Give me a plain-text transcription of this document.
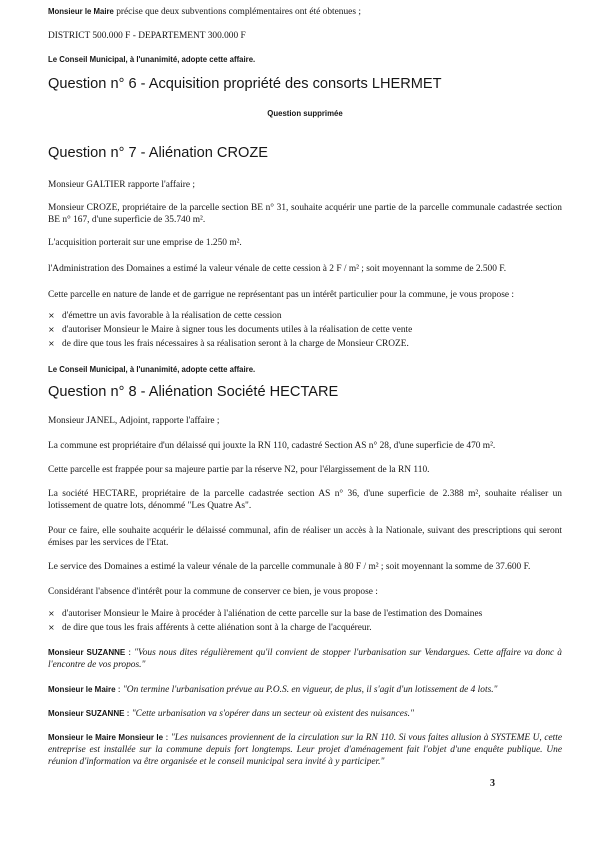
Monsieur le Maire précise que deux subventions complémentaires ont été obtenues ;
DISTRICT 500.000 F - DEPARTEMENT 300.000 F
Le Conseil Municipal, à l'unanimité, adopte cette affaire.
Question n° 6 - Acquisition propriété des consorts LHERMET
Question supprimée
Question n° 7 - Aliénation CROZE
Monsieur GALTIER rapporte l'affaire ;
Monsieur CROZE, propriétaire de la parcelle section BE n° 31, souhaite acquérir une partie de la parcelle communale cadastrée section BE n° 167, d'une superficie de 35.740 m².
L'acquisition porterait sur une emprise de 1.250 m².
l'Administration des Domaines a estimé la valeur vénale de cette cession à 2 F / m² ; soit moyennant la somme de 2.500 F.
Cette parcelle en nature de lande et de garrigue ne représentant pas un intérêt particulier pour la commune, je vous propose :
× d'émettre un avis favorable à la réalisation de cette cession
× d'autoriser Monsieur le Maire à signer tous les documents utiles à la réalisation de cette vente
× de dire que tous les frais nécessaires à sa réalisation seront à la charge de Monsieur CROZE.
Le Conseil Municipal, à l'unanimité, adopte cette affaire.
Question n° 8 - Aliénation Société HECTARE
Monsieur JANEL, Adjoint, rapporte l'affaire ;
La commune est propriétaire d'un délaissé qui jouxte la RN 110, cadastré Section AS n° 28, d'une superficie de 470 m².
Cette parcelle est frappée pour sa majeure partie par la réserve N2, pour l'élargissement de la RN 110.
La société HECTARE, propriétaire de la parcelle cadastrée section AS n° 36, d'une superficie de 2.388 m², souhaite réaliser un lotissement de quatre lots, dénommé "Les Quatre As".
Pour ce faire, elle souhaite acquérir le délaissé communal, afin de réaliser un accès à la Nationale, suivant des prescriptions qui seront émises par les services de l'Etat.
Le service des Domaines a estimé la valeur vénale de la parcelle communale à 80 F / m² ; soit moyennant la somme de 37.600 F.
Considérant l'absence d'intérêt pour la commune de conserver ce bien, je vous propose :
× d'autoriser Monsieur le Maire à procéder à l'aliénation de cette parcelle sur la base de l'estimation des Domaines
× de dire que tous les frais afférents à cette aliénation sont à la charge de l'acquéreur.
Monsieur SUZANNE : "Vous nous dites régulièrement qu'il convient de stopper l'urbanisation sur Vendargues. Cette affaire va donc à l'encontre de vos propos."
Monsieur le Maire : "On termine l'urbanisation prévue au P.O.S. en vigueur, de plus, il s'agit d'un lotissement de 4 lots."
Monsieur SUZANNE : "Cette urbanisation va s'opérer dans un secteur où existent des nuisances."
Monsieur le Maire Monsieur le : "Les nuisances proviennent de la circulation sur la RN 110. Si vous faites allusion à SYSTEME U, cette entreprise est installée sur la commune depuis fort longtemps. Leur projet d'aménagement fait l'objet d'une enquête publique. Une réunion d'information va être organisée et le conseil municipal sera invité à y participer."
3
